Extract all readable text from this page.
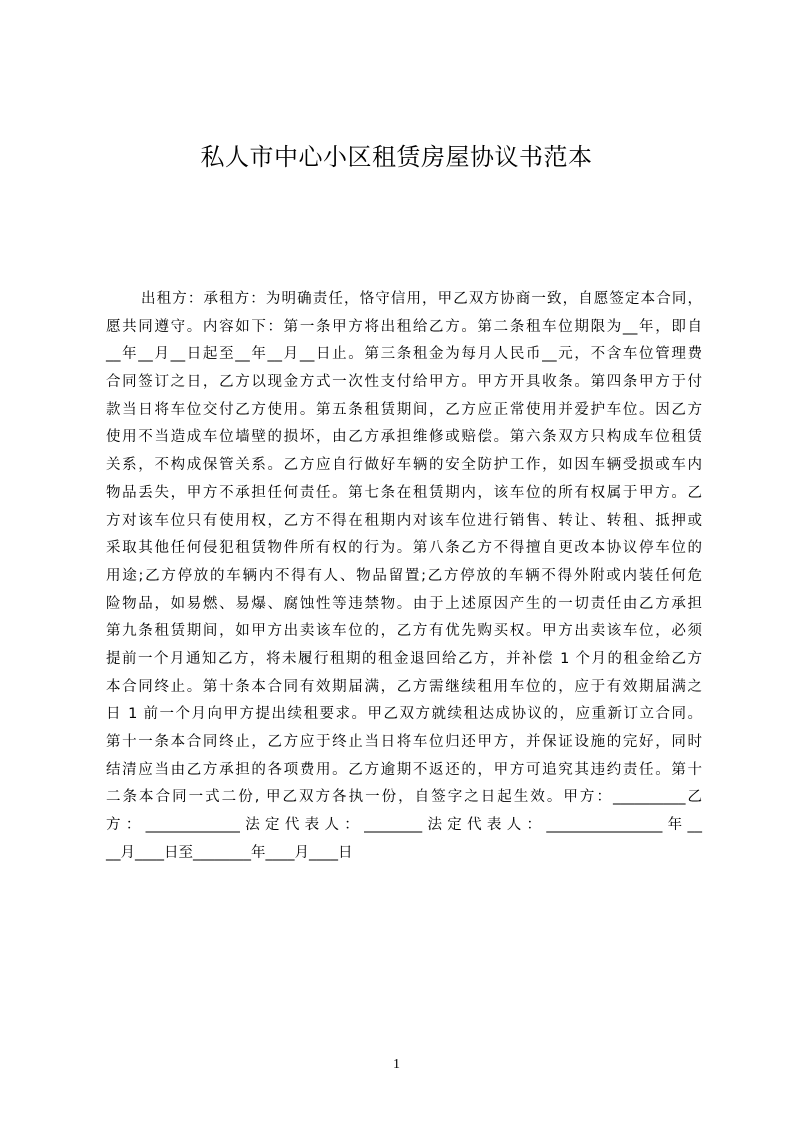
私人市中心小区租赁房屋协议书范本
出租方：承租方：为明确责任，恪守信用，甲乙双方协商一致，自愿签定本合同，
愿共同遵守。内容如下：第一条甲方将出租给乙方。第二条租车位期限为__年，即自
__年__月__日起至__年__月__日止。第三条租金为每月人民币__元，不含车位管理费
合同签订之日，乙方以现金方式一次性支付给甲方。甲方开具收条。第四条甲方于付
款当日将车位交付乙方使用。第五条租赁期间，乙方应正常使用并爱护车位。因乙方
使用不当造成车位墙壁的损坏，由乙方承担维修或赔偿。第六条双方只构成车位租赁
关系，不构成保管关系。乙方应自行做好车辆的安全防护工作，如因车辆受损或车内
物品丢失，甲方不承担任何责任。第七条在租赁期内，该车位的所有权属于甲方。乙
方对该车位只有使用权，乙方不得在租期内对该车位进行销售、转让、转租、抵押或
采取其他任何侵犯租赁物件所有权的行为。第八条乙方不得擅自更改本协议停车位的
用途;乙方停放的车辆内不得有人、物品留置;乙方停放的车辆不得外附或内装任何危
险物品，如易燃、易爆、腐蚀性等违禁物。由于上述原因产生的一切责任由乙方承担
第九条租赁期间，如甲方出卖该车位的，乙方有优先购买权。甲方出卖该车位，必须
提前一个月通知乙方，将未履行租期的租金退回给乙方，并补偿 1 个月的租金给乙方
本合同终止。第十条本合同有效期届满，乙方需继续租用车位的，应于有效期届满之
日 1 前一个月向甲方提出续租要求。甲乙双方就续租达成协议的，应重新订立合同。
第十一条本合同终止，乙方应于终止当日将车位归还甲方，并保证设施的完好，同时
结清应当由乙方承担的各项费用。乙方逾期不返还的，甲方可追究其违约责任。第十
二条本合同一式二份, 甲乙双方各执一份，自签字之日起生效。甲方：__________乙
方：_____________法定代表人：________法定代表人：________________年__
__月____日至________年____月____日
1
